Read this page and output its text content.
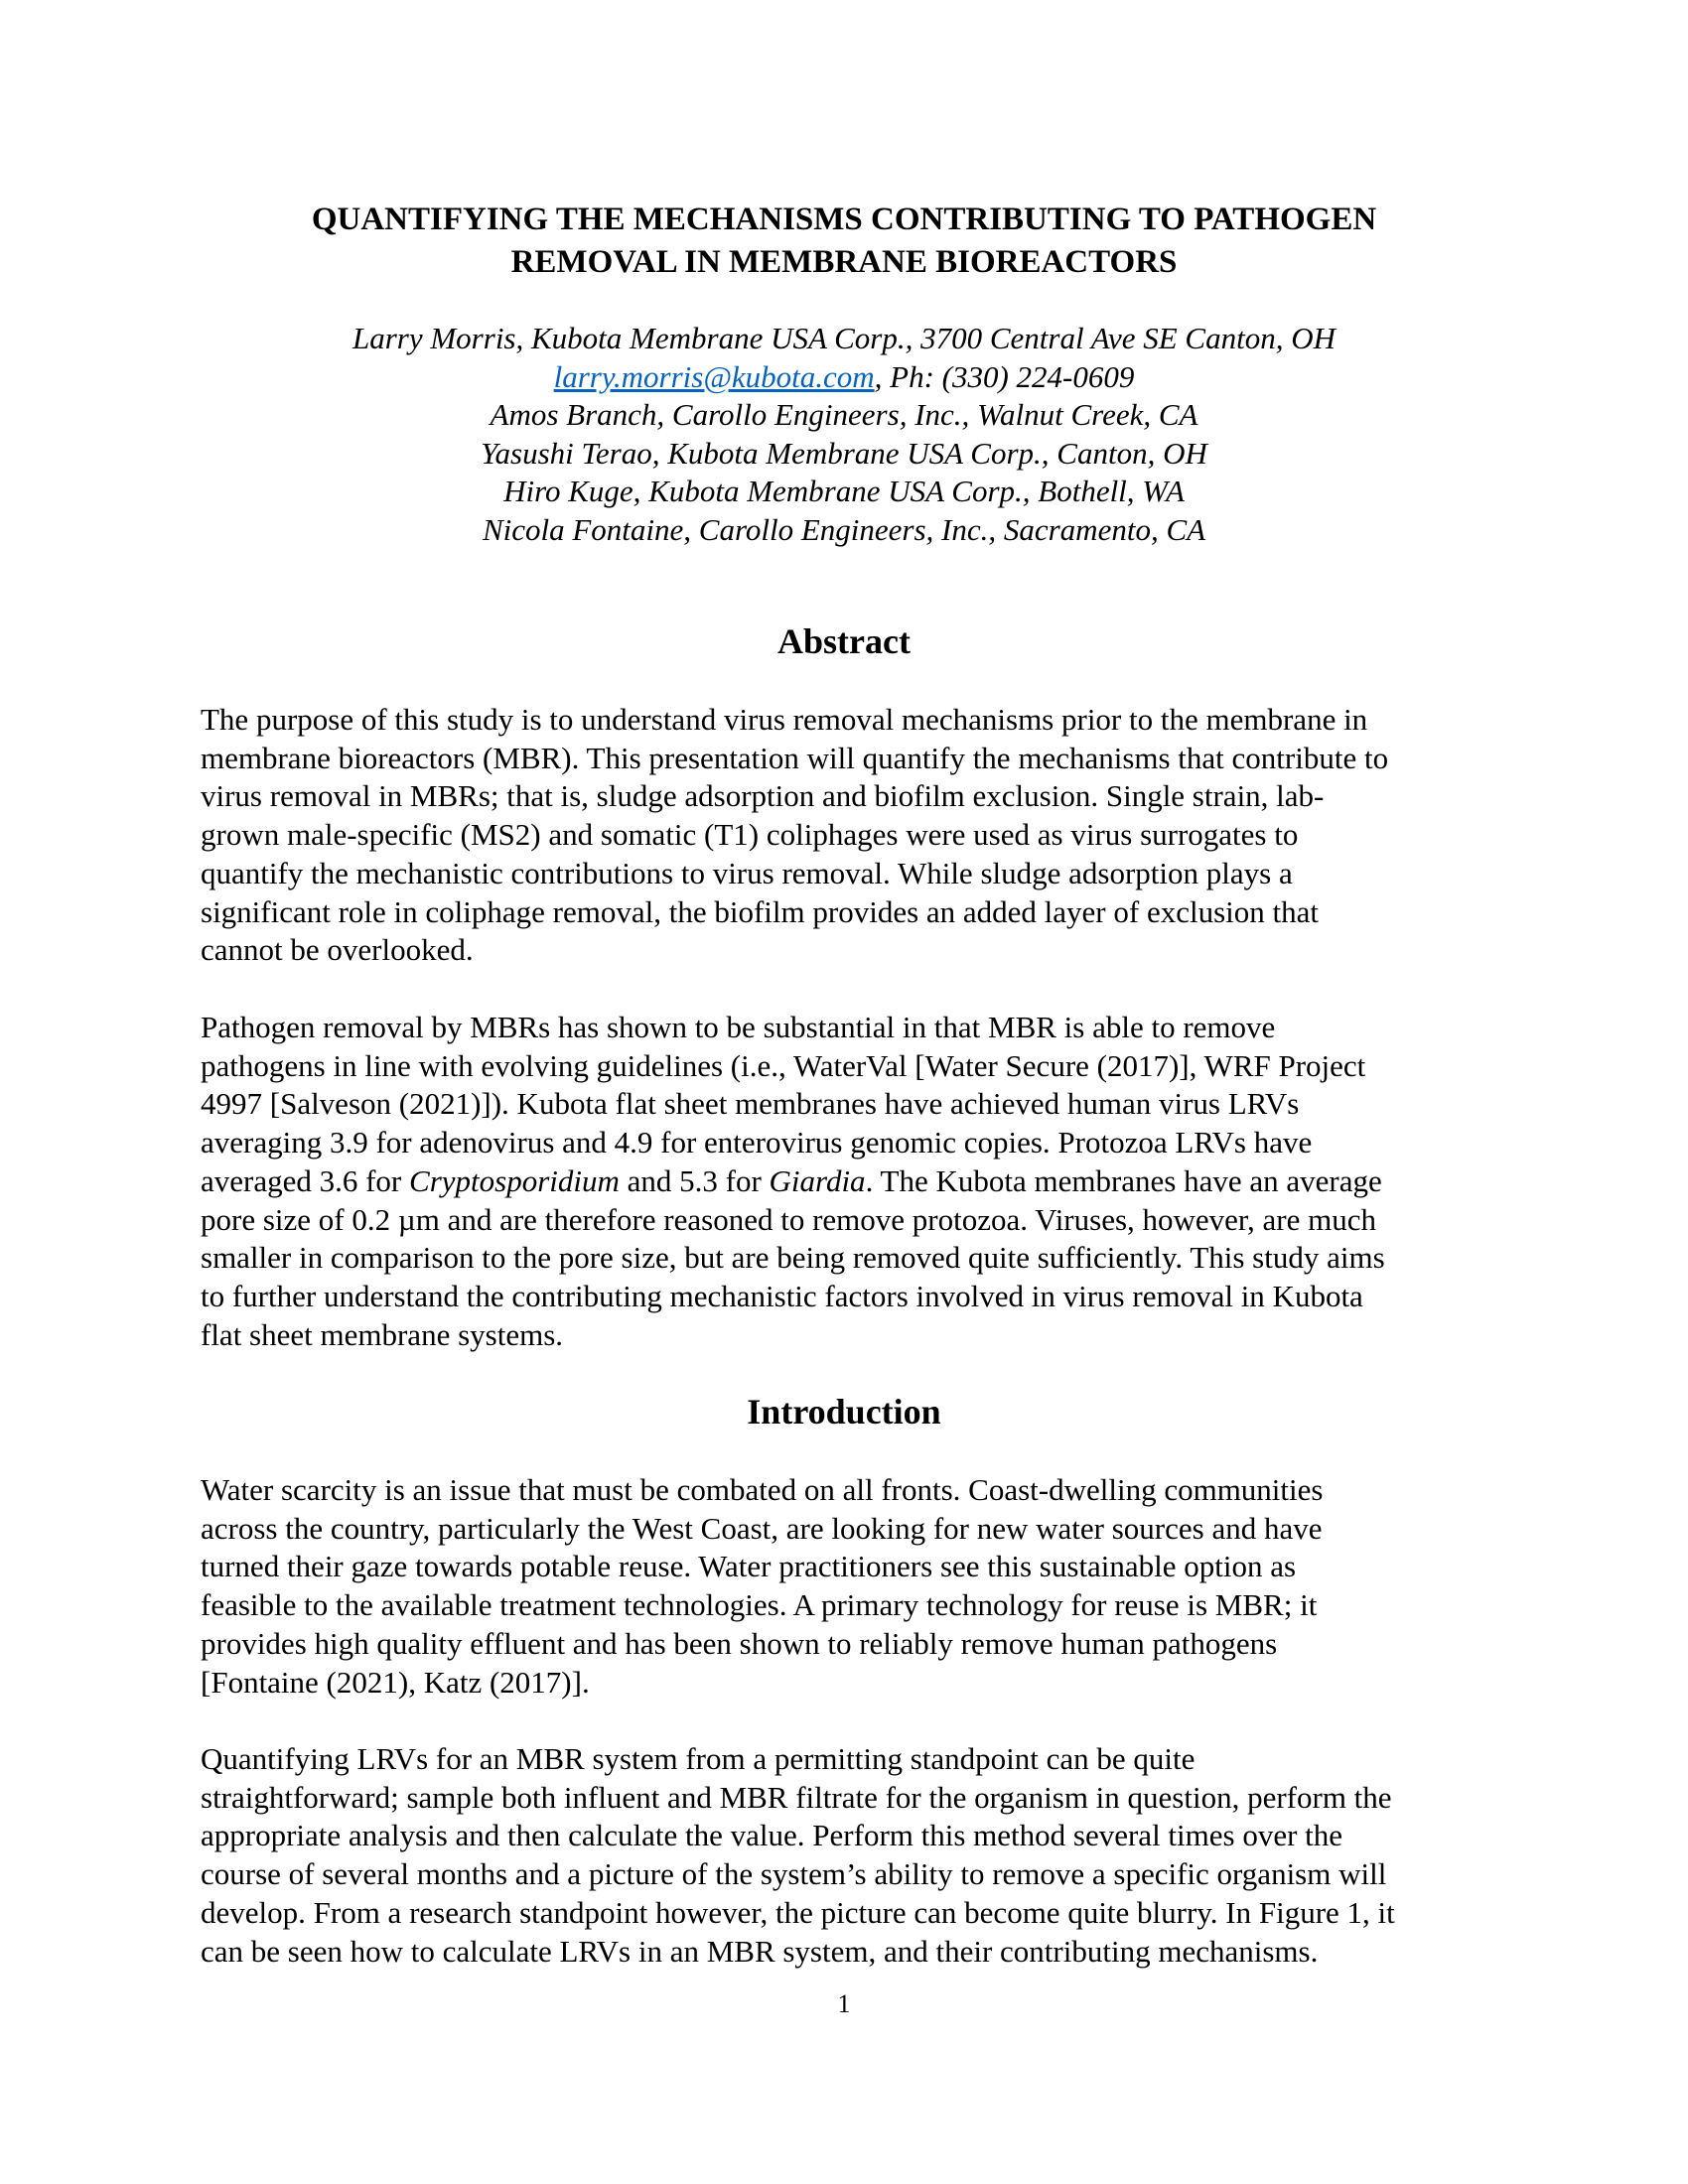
QUANTIFYING THE MECHANISMS CONTRIBUTING TO PATHOGEN
REMOVAL IN MEMBRANE BIOREACTORS
Larry Morris, Kubota Membrane USA Corp., 3700 Central Ave SE Canton, OH
larry.morris@kubota.com, Ph: (330) 224-0609
Amos Branch, Carollo Engineers, Inc., Walnut Creek, CA
Yasushi Terao, Kubota Membrane USA Corp., Canton, OH
Hiro Kuge, Kubota Membrane USA Corp., Bothell, WA
Nicola Fontaine, Carollo Engineers, Inc., Sacramento, CA
Abstract

The purpose of this study is to understand virus removal mechanisms prior to the membrane in
membrane bioreactors (MBR). This presentation will quantify the mechanisms that contribute to
virus removal in MBRs; that is, sludge adsorption and biofilm exclusion. Single strain, lab-
grown male-specific (MS2) and somatic (T1) coliphages were used as virus surrogates to
quantify the mechanistic contributions to virus removal. While sludge adsorption plays a
significant role in coliphage removal, the biofilm provides an added layer of exclusion that
cannot be overlooked.

Pathogen removal by MBRs has shown to be substantial in that MBR is able to remove
pathogens in line with evolving guidelines (i.e., WaterVal [Water Secure (2017)], WRF Project
4997 [Salveson (2021)]). Kubota flat sheet membranes have achieved human virus LRVs
averaging 3.9 for adenovirus and 4.9 for enterovirus genomic copies. Protozoa LRVs have
averaged 3.6 for Cryptosporidium and 5.3 for Giardia. The Kubota membranes have an average
pore size of 0.2 µm and are therefore reasoned to remove protozoa. Viruses, however, are much
smaller in comparison to the pore size, but are being removed quite sufficiently. This study aims
to further understand the contributing mechanistic factors involved in virus removal in Kubota
flat sheet membrane systems.

Introduction

Water scarcity is an issue that must be combated on all fronts. Coast-dwelling communities
across the country, particularly the West Coast, are looking for new water sources and have
turned their gaze towards potable reuse. Water practitioners see this sustainable option as
feasible to the available treatment technologies. A primary technology for reuse is MBR; it
provides high quality effluent and has been shown to reliably remove human pathogens
[Fontaine (2021), Katz (2017)].

Quantifying LRVs for an MBR system from a permitting standpoint can be quite
straightforward; sample both influent and MBR filtrate for the organism in question, perform the
appropriate analysis and then calculate the value. Perform this method several times over the
course of several months and a picture of the system’s ability to remove a specific organism will
develop. From a research standpoint however, the picture can become quite blurry. In Figure 1, it
can be seen how to calculate LRVs in an MBR system, and their contributing mechanisms.

1
